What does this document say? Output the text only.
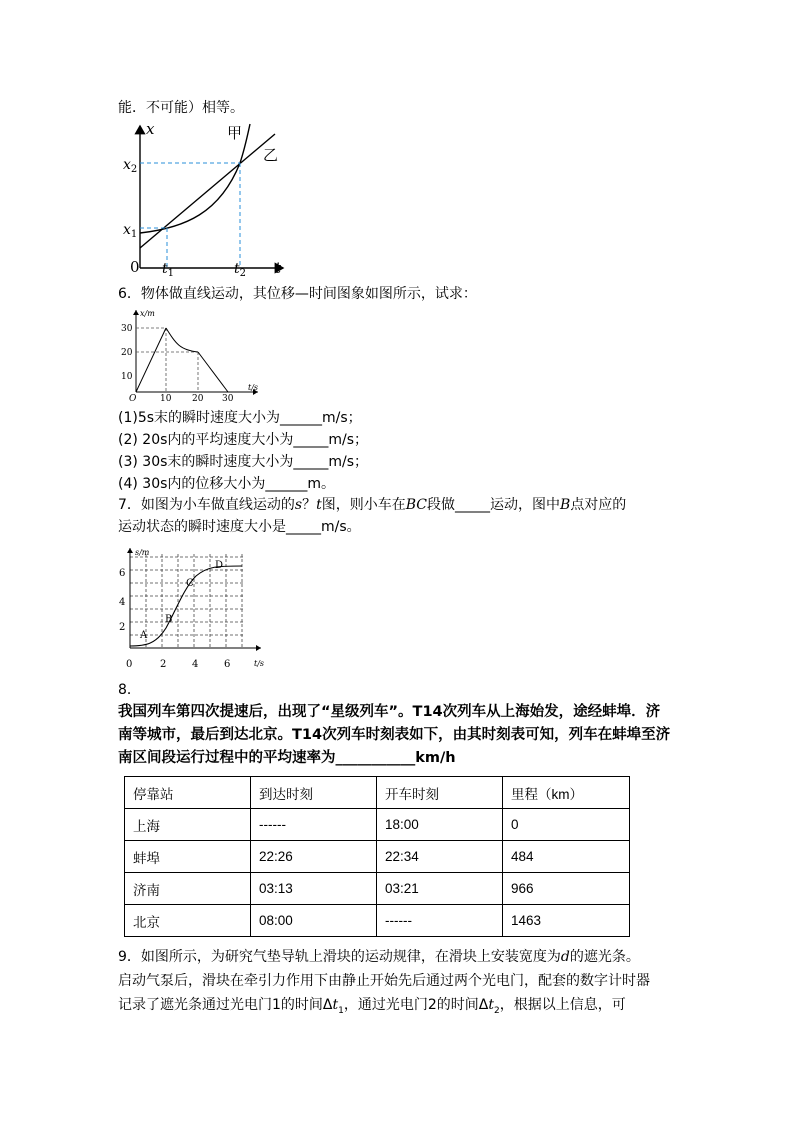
能．不可能）相等。
x
t
0
$x_1$
$x_2$
$t_1$	$t_2$
甲
乙
6．物体做直线运动，其位移—时间图象如图所示，试求：
x/m
t/s
O
30
20
10
10 20 30
(1)5s末的瞬时速度大小为______m/s；
(2) 20s内的平均速度大小为_____m/s；
(3) 30s末的瞬时速度大小为_____m/s；
(4) 30s内的位移大小为______m。
7．如图为小车做直线运动的s？t图，则小车在BC段做_____运动，图中B点对应的
运动状态的瞬时速度大小是_____m/s。
s/m
t/s
0
6
4
2
2	4	6
A
B
C
D
8．
我国列车第四次提速后，出现了“星级列车”。T14次列车从上海始发，途经蚌埠．济
南等城市，最后到达北京。T14次列车时刻表如下，由其时刻表可知，列车在蚌埠至济
南区间段运行过程中的平均速率为___________km/h
停靠站	到达时刻	开车时刻	里程（km）
上海	------	18:00	0
蚌埠	22:26	22:34	484
济南	03:13	03:21	966
北京	08:00	------	1463
9．如图所示，为研究气垫导轨上滑块的运动规律，在滑块上安装宽度为d的遮光条。
启动气泵后，滑块在牵引力作用下由静止开始先后通过两个光电门，配套的数字计时器
记录了遮光条通过光电门1的时间$\Delta t_1$，通过光电门2的时间$\Delta t_2$，根据以上信息，可
